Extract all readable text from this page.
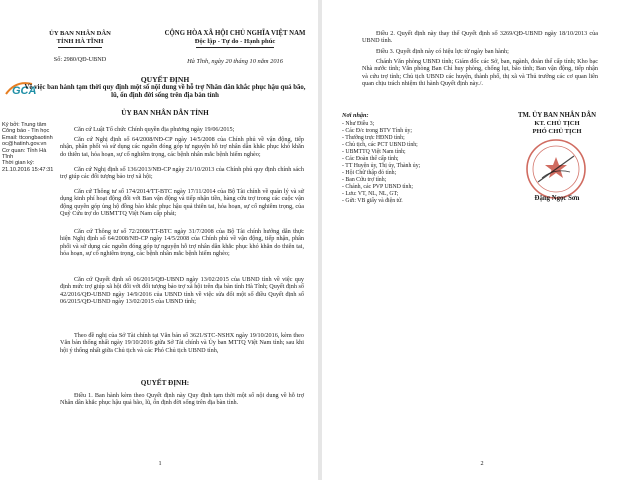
ỦY BAN NHÂN DÂN
TỈNH HÀ TĨNH
Số: 2980/QĐ-UBND
CỘNG HÒA XÃ HỘI CHỦ NGHĨA VIỆT NAM
Độc lập - Tự do - Hạnh phúc
Hà Tĩnh, ngày 20 tháng 10 năm 2016
GCA
Ký bởi: Trung tâm Công báo - Tin học
Email: ttcongbaotinhoc@hatinh.gov.vn
Cơ quan: Tỉnh Hà Tĩnh
Thời gian ký: 21.10.2016 15:47:31
QUYẾT ĐỊNH
Về việc ban hành tạm thời quy định một số nội dung về hỗ trợ Nhân dân khắc phục hậu quả bão, lũ, ổn định đời sống trên địa bàn tỉnh
ỦY BAN NHÂN DÂN TỈNH
Căn cứ Luật Tổ chức Chính quyền địa phương ngày 19/06/2015;
Căn cứ Nghị định số 64/2008/NĐ-CP ngày 14/5/2008 của Chính phủ về vận động, tiếp nhận, phân phối và sử dụng các nguồn đóng góp tự nguyện hỗ trợ nhân dân khắc phục khó khăn do thiên tai, hỏa hoạn, sự cố nghiêm trọng, các bệnh nhân mắc bệnh hiểm nghèo;
Căn cứ Nghị định số 136/2013/NĐ-CP ngày 21/10/2013 của Chính phủ quy định chính sách trợ giúp các đối tượng bảo trợ xã hội;
Căn cứ Thông tư số 174/2014/TT-BTC ngày 17/11/2014 của Bộ Tài chính về quản lý và sử dụng kinh phí hoạt động đối với Ban vận động và tiếp nhận tiền, hàng cứu trợ trong các cuộc vận động quyên góp ủng hộ đồng bào khắc phục hậu quả thiên tai, hỏa hoạn, sự cố nghiêm trọng, của Quỹ Cứu trợ do UBMTTQ Việt Nam cấp phát;
Căn cứ Thông tư số 72/2008/TT-BTC ngày 31/7/2008 của Bộ Tài chính hướng dẫn thực hiện Nghị định số 64/2008/NĐ-CP ngày 14/5/2008 của Chính phủ về vận động, tiếp nhận, phân phối và sử dụng các nguồn đóng góp tự nguyện hỗ trợ nhân dân khắc phục khó khăn do thiên tai, hỏa hoạn, sự cố nghiêm trọng, các bệnh nhân mắc bệnh hiểm nghèo;
Căn cứ Quyết định số 06/2015/QĐ-UBND ngày 13/02/2015 của UBND tỉnh về việc quy định mức trợ giúp xã hội đối với đối tượng bảo trợ xã hội trên địa bàn tỉnh Hà Tĩnh; Quyết định số 42/2016/QĐ-UBND ngày 14/9/2016 của UBND tỉnh về việc sửa đổi một số điều Quyết định số 06/2015/QĐ-UBND ngày 13/02/2015 của UBND tỉnh;
Theo đề nghị của Sở Tài chính tại Văn bản số 3621/STC-NSHX ngày 19/10/2016, kèm theo Văn bản thống nhất ngày 19/10/2016 giữa Sở Tài chính và Ủy ban MTTQ Việt Nam tỉnh; sau khi hội ý thống nhất giữa Chủ tịch và các Phó Chủ tịch UBND tỉnh,
QUYẾT ĐỊNH:
Điều 1. Ban hành kèm theo Quyết định này Quy định tạm thời một số nội dung về hỗ trợ Nhân dân khắc phục hậu quả bão, lũ, ổn định đời sống trên địa bàn tỉnh.
1
Điều 2. Quyết định này thay thế Quyết định số 3269/QĐ-UBND ngày 18/10/2013 của UBND tỉnh.
Điều 3. Quyết định này có hiệu lực từ ngày ban hành;
Chánh Văn phòng UBND tỉnh; Giám đốc các Sở, ban, ngành, đoàn thể cấp tỉnh; Kho bạc Nhà nước tỉnh; Văn phòng Ban Chỉ huy phòng, chống lụt, bão tỉnh; Ban vận động, tiếp nhận và cứu trợ tỉnh; Chủ tịch UBND các huyện, thành phố, thị xã và Thủ trưởng các cơ quan liên quan chịu trách nhiệm thi hành Quyết định này./.
Nơi nhận:
- Như Điều 3;
- Các Đ/c trong BTV Tỉnh ủy;
- Thường trực HĐND tỉnh;
- Chủ tịch, các PCT UBND tỉnh;
- UBMTTQ Việt Nam tỉnh;
- Các Đoàn thể cấp tỉnh;
- TT Huyện ủy, Thị ủy, Thành ủy;
- Hội Chữ thập đỏ tỉnh;
- Ban Cứu trợ tỉnh;
- Chánh, các PVP UBND tỉnh;
- Lưu: VT, NL, NL, GT;
- Gửi: VB giấy và điện tử.
TM. ỦY BAN NHÂN DÂN
KT. CHỦ TỊCH
PHÓ CHỦ TỊCH
Đặng Ngọc Sơn
2
